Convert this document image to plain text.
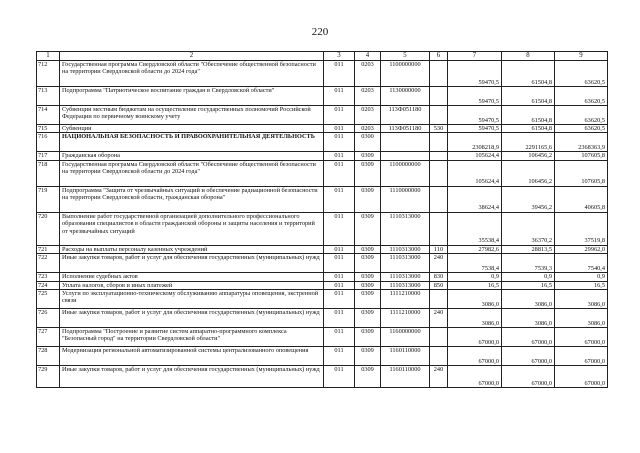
220
1	2	3	4	5	6	7	8	9
712	Государственная программа Свердловской области "Обеспечение общественной безопасности на территории Свердловской области до 2024 года"	011	0203	1100000000		59470,5	61504,8	63620,5
713	Подпрограмма "Патриотическое воспитание граждан в Свердловской области"	011	0203	1130000000		59470,5	61504,8	63620,5
714	Субвенции местным бюджетам на осуществление государственных полномочий Российской Федерации по первичному воинскому учету	011	0203	113Ф051180		59470,5	61504,8	63620,5
715	Субвенции	011	0203	113Ф051180	530	59470,5	61504,8	63620,5
716	НАЦИОНАЛЬНАЯ БЕЗОПАСНОСТЬ И ПРАВООХРАНИТЕЛЬНАЯ ДЕЯТЕЛЬНОСТЬ	011	0300			2308218,9	2291165,6	2368363,9
717	Гражданская оборона	011	0309			105624,4	106456,2	107605,8
718	Государственная программа Свердловской области "Обеспечение общественной безопасности на территории Свердловской области до 2024 года"	011	0309	1100000000		105624,4	106456,2	107605,8
719	Подпрограмма "Защита от чрезвычайных ситуаций и обеспечение радиационной безопасности на территории Свердловской области, гражданская оборона"	011	0309	1110000000		38624,4	39456,2	40605,8
720	Выполнение работ государственной организацией дополнительного профессионального образования специалистов в области гражданской обороны и защиты населения и территорий от чрезвычайных ситуаций	011	0309	1110313000		35538,4	36370,2	37519,8
721	Расходы на выплаты персоналу казенных учреждений	011	0309	1110313000	110	27982,6	28813,5	29962,0
722	Иные закупки товаров, работ и услуг для обеспечения государственных (муниципальных) нужд	011	0309	1110313000	240	7538,4	7539,3	7540,4
723	Исполнение судебных актов	011	0309	1110313000	830	0,9	0,9	0,9
724	Уплата налогов, сборов и иных платежей	011	0309	1110313000	850	16,5	16,5	16,5
725	Услуги по эксплуатационно-техническому обслуживанию аппаратуры оповещения, экстренной связи	011	0309	1111210000		3086,0	3086,0	3086,0
726	Иные закупки товаров, работ и услуг для обеспечения государственных (муниципальных) нужд	011	0309	1111210000	240	3086,0	3086,0	3086,0
727	Подпрограмма "Построение и развитие систем аппаратно-программного комплекса "Безопасный город" на территории Свердловской области"	011	0309	1160000000		67000,0	67000,0	67000,0
728	Модернизация региональной автоматизированной системы централизованного оповещения	011	0309	1160110000		67000,0	67000,0	67000,0
729	Иные закупки товаров, работ и услуг для обеспечения государственных (муниципальных) нужд	011	0309	1160110000	240	67000,0	67000,0	67000,0
